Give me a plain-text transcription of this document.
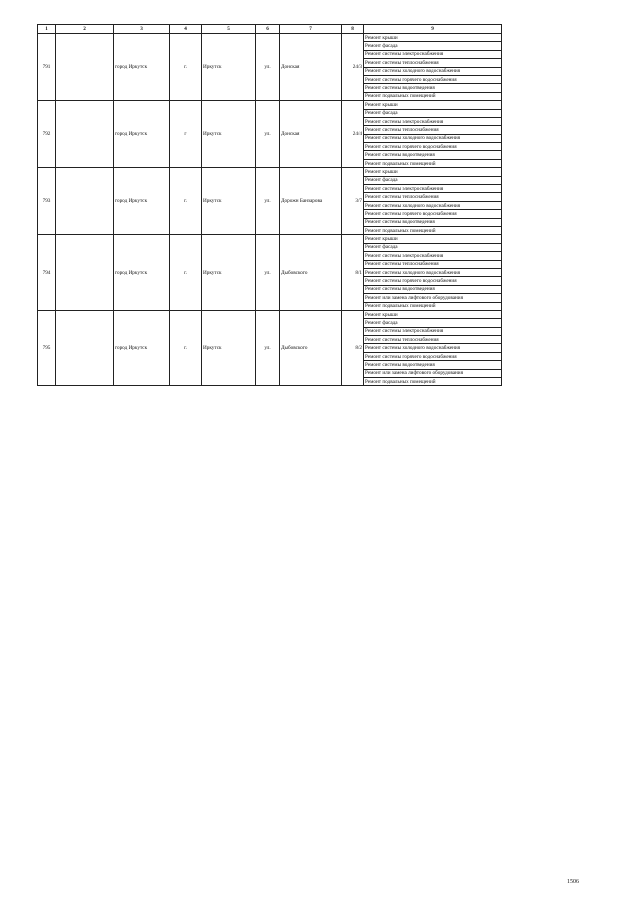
1	2	3	4	5	6	7	8	9
791		город Иркутск	г.	Иркутск	ул.	Донская	24/3	Ремонт крыши
								Ремонт фасада
								Ремонт системы электроснабжения
								Ремонт системы теплоснабжения
								Ремонт системы холодного водоснабжения
								Ремонт системы горячего водоснабжения
								Ремонт системы водоотведения
								Ремонт подвальных помещений
792		город Иркутск	г	Иркутск	ул.	Донская	24/4	Ремонт крыши
								Ремонт фасада
								Ремонт системы электроснабжения
								Ремонт системы теплоснабжения
								Ремонт системы холодного водоснабжения
								Ремонт системы горячего водоснабжения
								Ремонт системы водоотведения
								Ремонт подвальных помещений
793		город Иркутск	г.	Иркутск	ул.	Дорожн Банзарова	3/7	Ремонт крыши
								Ремонт фасада
								Ремонт системы электроснабжения
								Ремонт системы теплоснабжения
								Ремонт системы холодного водоснабжения
								Ремонт системы горячего водоснабжения
								Ремонт системы водоотведения
								Ремонт подвальных помещений
794		город Иркутск	г.	Иркутск	ул.	Дыбовского	8/1	Ремонт крыши
								Ремонт фасада
								Ремонт системы электроснабжения
								Ремонт системы теплоснабжения
								Ремонт системы холодного водоснабжения
								Ремонт системы горячего водоснабжения
								Ремонт системы водоотведения
								Ремонт или замена лифтового оборудования
								Ремонт подвальных помещений
795		город Иркутск	г.	Иркутск	ул.	Дыбовского	8/2	Ремонт крыши
								Ремонт фасада
								Ремонт системы электроснабжения
								Ремонт системы теплоснабжения
								Ремонт системы холодного водоснабжения
								Ремонт системы горячего водоснабжения
								Ремонт системы водоотведения
								Ремонт или замена лифтового оборудования
								Ремонт подвальных помещений
1506
